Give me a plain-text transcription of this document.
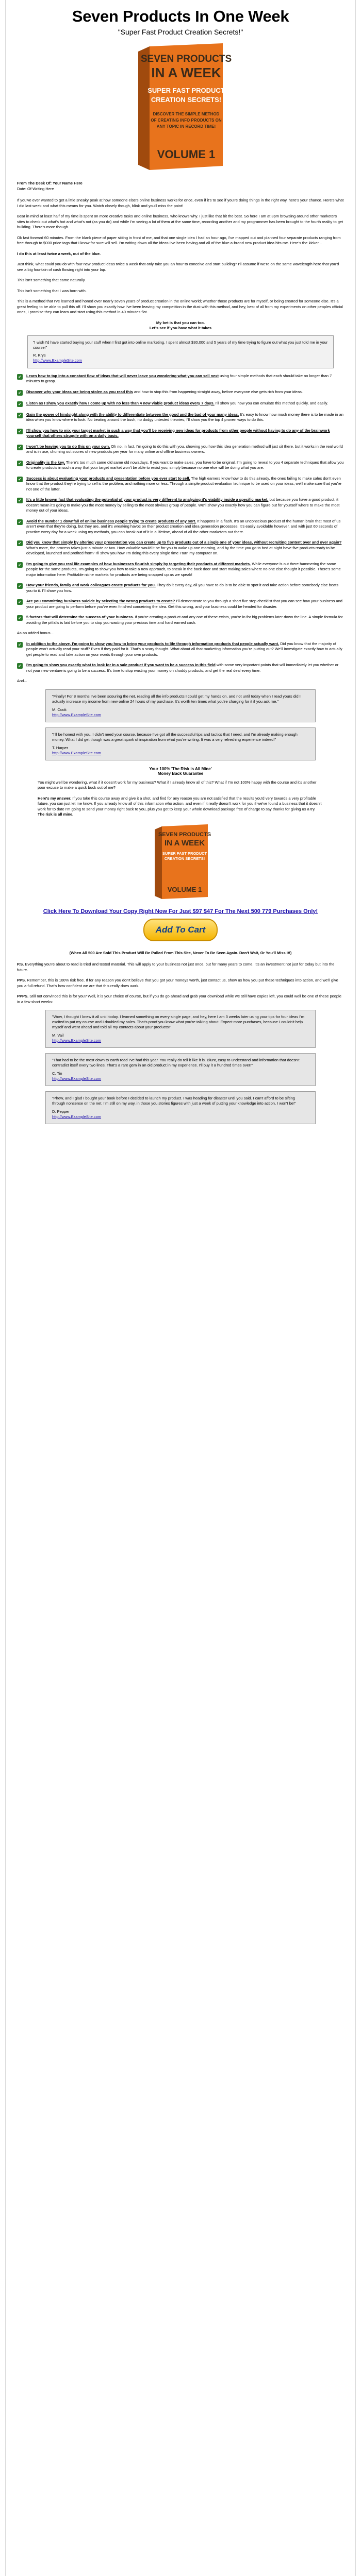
Seven Products In One Week
"Super Fast Product Creation Secrets!"
SEVEN PRODUCTS
IN A WEEK
SUPER FAST PRODUCT
CREATION SECRETS!
DISCOVER THE SIMPLE METHOD
OF CREATING INFO PRODUCTS ON
ANY TOPIC IN RECORD TIME!
VOLUME 1
From The Desk Of: Your Name Here
Date: Of Writing Here

If you've ever wanted to get a little sneaky peak at how someone else's online business works for once, even if it's to see if you're doing things in the right way, here's your chance. Here's what I did last week and what this means for you. Watch closely though, blink and you'll miss the point!

Bear in mind at least half of my time is spent on more creative tasks and online business, who knows why. I just like that bit the best. So here I am at 3pm browsing around other marketers sites to check out what's hot and what's not (as you do) and while I'm seeing a lot of them at the same time, recording another and my programmer has been brought to the fourth reality to get building. There's more though.

Ok fast forward 60 minutes. From the blank piece of paper sitting in front of me, and that one single idea I had an hour ago, I've mapped out and planned four separate products ranging from free through to $000 price tags that I know for sure will sell. I'm writing down all the ideas I've been having and all of the blue-a-brand new product idea hits me. Here's the kicker...

I do this at least twice a week, out of the blue.

Just think, what could you do with four new product ideas twice a week that only take you an hour to conceive and start building? I'll assume if we're on the same wavelength here that you'd see a big fountain of cash flowing right into your lap.

This isn't something that came naturally.

This isn't something that I was born with.

This is a method that I've learned and honed over nearly seven years of product creation in the online world; whether those products are for myself, or being created for someone else. It's a great feeling to be able to pull this off. I'll show you exactly how I've been leaving my competition in the dust with this method, and hey, best of all from my experiments on other peoples official ones, I promise they can learn and start using this method in 40 minutes flat.

My bet is that you can too.
Let's see if you have what it takes
"I wish I'd have started buying your stuff when I first got into online marketing. I spent almost $30,000 and 5 years of my time trying to figure out what you just told me in your course!"
R. Krys
http://www.ExampleSite.com
✔ Learn how to tap into a constant flow of ideas that will never leave you wondering what you can sell next using four simple methods that each should take no longer than 7 minutes to grasp.
✔ Discover why your ideas are being stolen as you read this and how to stop this from happening straight away, before everyone else gets rich from your ideas.
✔ Listen as I show you exactly how I come up with no less than 4 new viable product ideas every 7 days. I'll show you how you can emulate this method quickly, and easily.
✔ Gain the power of hindsight along with the ability to differentiate between the good and the bad of your many ideas. It's easy to know how much money there is to be made in an idea when you know where to look. No beating around the bush, no dodgy untested theories, I'll show you the top 4 proven ways to do this.
✔ I'll show you how to mix your target market in such a way that you'll be receiving new ideas for products from other people without having to do any of the brainwork yourself that others struggle with on a daily basis.
✔ I won't be leaving you to do this on your own. Oh no, in fact, I'm going to do this with you, showing you how this idea generation method will just sit there, but it works in the real world and is in use, churning out scores of new products per year for many online and offline business owners.
✔ Originality is the key. There's too much same old same old nowadays. If you want to make sales, you have to be original. I'm going to reveal to you 4 separate techniques that allow you to create products in such a way that your target market won't be able to resist you, simply because no one else will be doing what you are.
✔ Success is about evaluating your products and presentation before you ever start to sell. The high earners know how to do this already, the ones failing to make sales don't even know that the product they're trying to sell is the problem, and nothing more or less. Through a simple product evaluation technique to be used on your ideas, we'll make sure that you're not one of the latter.
✔ It's a little known fact that evaluating the potential of your product is very different to analyzing it's viability inside a specific market, but because you have a good product, it doesn't mean it's going to make you the most money by selling to the most obvious group of people. We'll show you exactly how you can figure out for yourself where to make the most money out of your ideas.
✔ Avoid the number 1 downfall of online business people trying to create products of any sort. It happens in a flash. It's an unconscious product of the human brain that most of us aren't even that they're doing, but they are, and it's wreaking havoc on their product creation and idea generation processes. It's easily avoidable however, and with just 60 seconds of practice every day for a week using my methods, you can break out of it in a lifetime, ahead of all the other marketers out there.
✔ Did you know that simply by altering your presentation you can create up to five products out of a single one of your ideas, without recruiting content over and over again? What's more, the process takes just a minute or two. How valuable would it be for you to wake up one morning, and by the time you go to bed at night have five products ready to be developed, launched and profited from? I'll show you how I'm doing this every single time I turn my computer on.
✔ I'm going to give you real life examples of how businesses flourish simply by targeting their products at different markets. While everyone is out there hammering the same people for the same products, I'm going to show you how to take a new approach, to sneak in the back door and start making sales where no one else thought it possible. There's some major information here: Profitable niche markets for products are being snapped up as we speak!
✔ How your friends, family and work colleagues create products for you. They do it every day, all you have to do is to be able to spot it and take action before somebody else beats you to it. I'll show you how.
✔ Are you committing business suicide by selecting the wrong products to create? I'll demonstrate to you through a short five step checklist that you can see how your business and your product are going to perform before you've even finished conceiving the idea. Get this wrong, and your business could be headed for disaster.
✔ 5 factors that will determine the success of your business. If you're creating a product and any one of these exists, you're in for big problems later down the line. A simple formula for avoiding the pitfalls is laid before you to stop you wasting your precious time and hard earned cash.
As an added bonus...
✔ In addition to the above, I'm going to show you how to bring your products to life through information products that people actually want. Did you know that the majority of people won't actually read your stuff? Even if they paid for it. That's a scary thought. What about all that marketing information you're putting out? We'll investigate exactly how to actually get people to read and take action on your words through your own products.
✔ I'm going to show you exactly what to look for in a sale product if you want to be a success in this field with some very important points that will immediately let you whether or not your new venture is going to be a success. It's time to stop wasting your money on shoddy products, and get the real deal every time.
And...
"Finally! For 8 months I've been scouring the net, reading all the info products I could get my hands on, and not until today when I read yours did I actually increase my income from new online 24 hours of my purchase. It's worth ten times what you're charging for it if you ask me."
M. Cook
http://www.ExampleSite.com
"I'll be honest with you, I didn't need your course, because I've got all the successful tips and tactics that I need, and I'm already making enough money. What I did get though was a great spark of inspiration from what you're writing. It was a very refreshing experience indeed!"
T. Harper
http://www.ExampleSite.com
Your 100% 'The Risk is All Mine'
Money Back Guarantee

You might well be wondering, what if it doesn't work for my business? What if I already know all of this? What if I'm not 100% happy with the course and it's another poor excuse to make a quick buck out of me?

Here's my answer. If you take this course away and give it a shot, and find for any reason you are not satisfied that the results you'd very towards a very profitable future, you can just let me know. If you already know all of this information who action, and even if it really doesn't work for you if we've found a business that it doesn't work for to date I'm going to send your money right back to you, plus you get to keep your whole download package free of charge to say thanks for giving us a try. The risk is all mine.

SEVEN PRODUCTS
IN A WEEK
SUPER FAST PRODUCT
CREATION SECRETS!
VOLUME 1
Click Here To Download Your Copy Right Now For Just $97 $47 For The Next 500 779 Purchases Only!
Add To Cart
(When All 500 Are Sold This Product Will Be Pulled From This Site, Never To Be Seen Again. Don't Wait, Or You'll Miss It!)

P.S. Everything you're about to read is tried and tested material. This will apply to your business not just once, but for many years to come. It's an investment not just for today but into the future.

PPS. Remember, this is 100% risk free. If for any reason you don't believe that you got your moneys worth, just contact us, show us how you put these techniques into action, and we'll give you a full refund. That's how confident we are that this really does work.

PPPS. Still not convinced this is for you? Well, it is your choice of course, but if you do go ahead and grab your download while we still have copies left, you could well be one of these people in a few short weeks:

"Wow, I thought I knew it all until today. I learned something on every single page, and hey, here I am 3 weeks later using your tips for four ideas I'm excited to put my course and I doubled my sales. That's proof you know what you're talking about. Expect more purchases, because I couldn't help myself and went ahead and told all my contacts about your products!"
M. Vail
http://www.ExampleSite.com
"That had to be the most down to earth read I've had this year. You really do tell it like it is. Blunt, easy to understand and information that doesn't contradict itself every two lines. That's a rare gem in an old product in my experience. I'll buy it a hundred times over!"
C. Tin
http://www.ExampleSite.com
"Phew, and I glad I bought your book before I decided to launch my product. I was heading for disaster until you said. I can't afford to be sifting through nonsense on the net. I'm still on my way, in those you stories figures with just a week of putting your knowledge into action, I won't be!"
D. Pepper
http://www.ExampleSite.com
